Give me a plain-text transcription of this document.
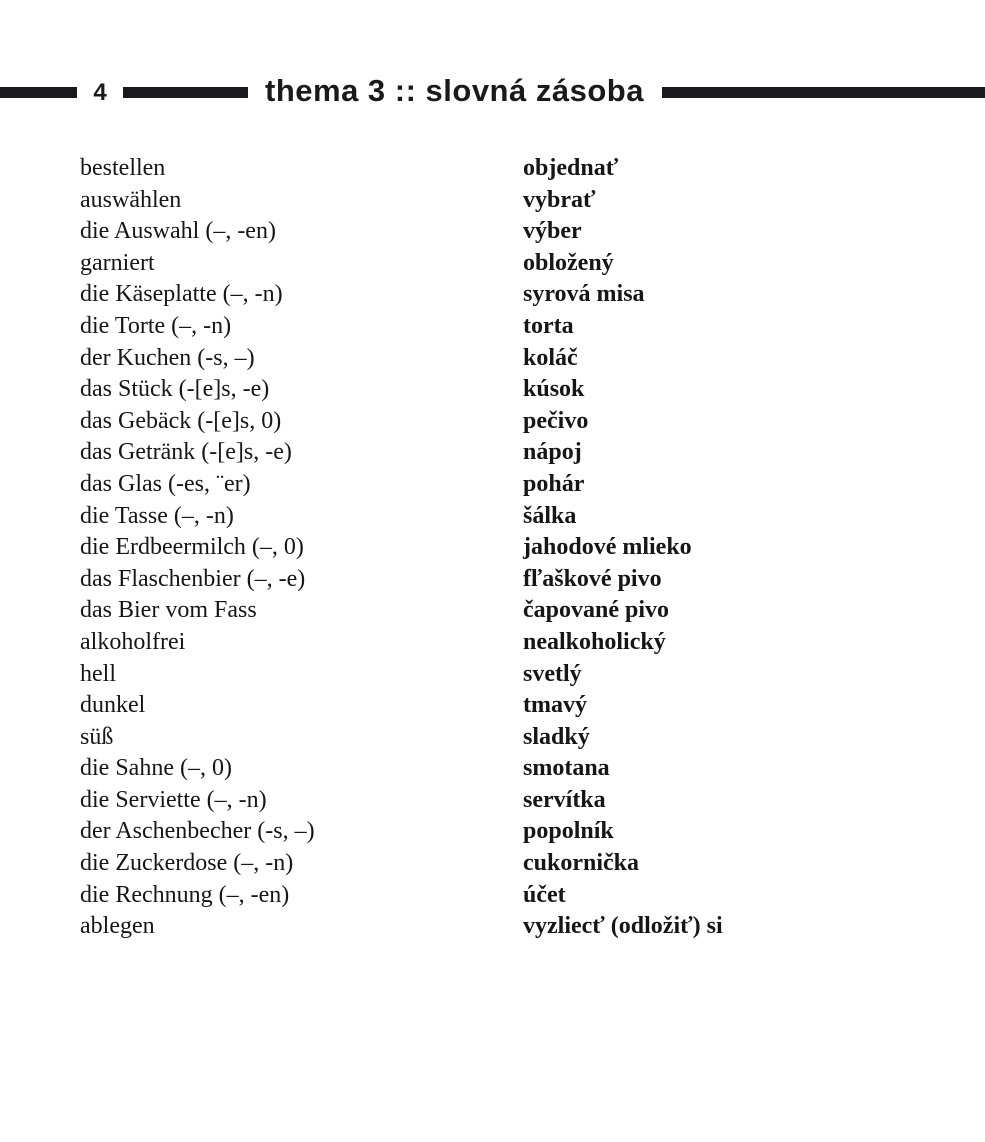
4	thema 3 :: slovná zásoba
bestellen	objednať
auswählen	vybrať
die Auswahl (–, -en)	výber
garniert	obložený
die Käseplatte (–, -n)	syrová misa
die Torte (–, -n)	torta
der Kuchen (-s, –)	koláč
das Stück (-[e]s, -e)	kúsok
das Gebäck (-[e]s, 0)	pečivo
das Getränk (-[e]s, -e)	nápoj
das Glas (-es, ¨er)	pohár
die Tasse (–, -n)	šálka
die Erdbeermilch (–, 0)	jahodové mlieko
das Flaschenbier (–, -e)	fľaškové pivo
das Bier vom Fass	čapované pivo
alkoholfrei	nealkoholický
hell	svetlý
dunkel	tmavý
süß	sladký
die Sahne (–, 0)	smotana
die Serviette (–, -n)	servítka
der Aschenbecher (-s, –)	popolník
die Zuckerdose (–, -n)	cukornička
die Rechnung (–, -en)	účet
ablegen	vyzliecť (odložiť) si
